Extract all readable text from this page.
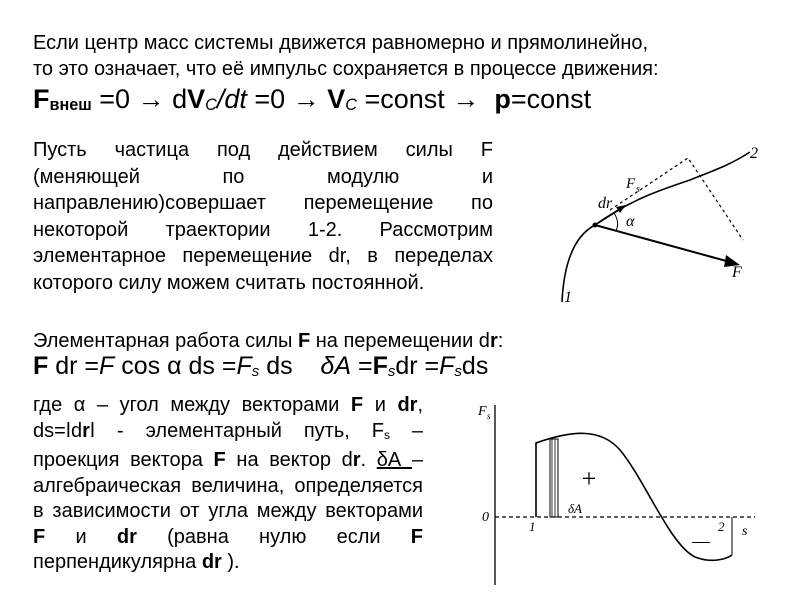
Если центр масс системы движется равномерно и прямолинейно,
то это означает, что её импульс сохраняется в процессе движения:
Fвнеш =0 → dVC/dt =0 → VC =const → p=const
Пусть частица под действием силы F (меняющей по модулю и направлению)совершает перемещение по некоторой траектории 1-2. Рассмотрим элементарное перемещение dr, в переделах которого силу можем считать постоянной.
dr
F s
α
F
2
1
Элементарная работа силы F на перемещении dr:
F dr =F cos α ds =Fs ds δA =Fsdr =Fsds
где α – угол между векторами F и dr, ds=ǀdrǀ - элементарный путь, Fs – проекция вектора F на вектор dr. δА – алгебраическая величина, определяется в зависимости от угла между векторами F и dr (равна нулю если F перпендикулярна dr ).
F s
0
1	2 s
δA
+
—
